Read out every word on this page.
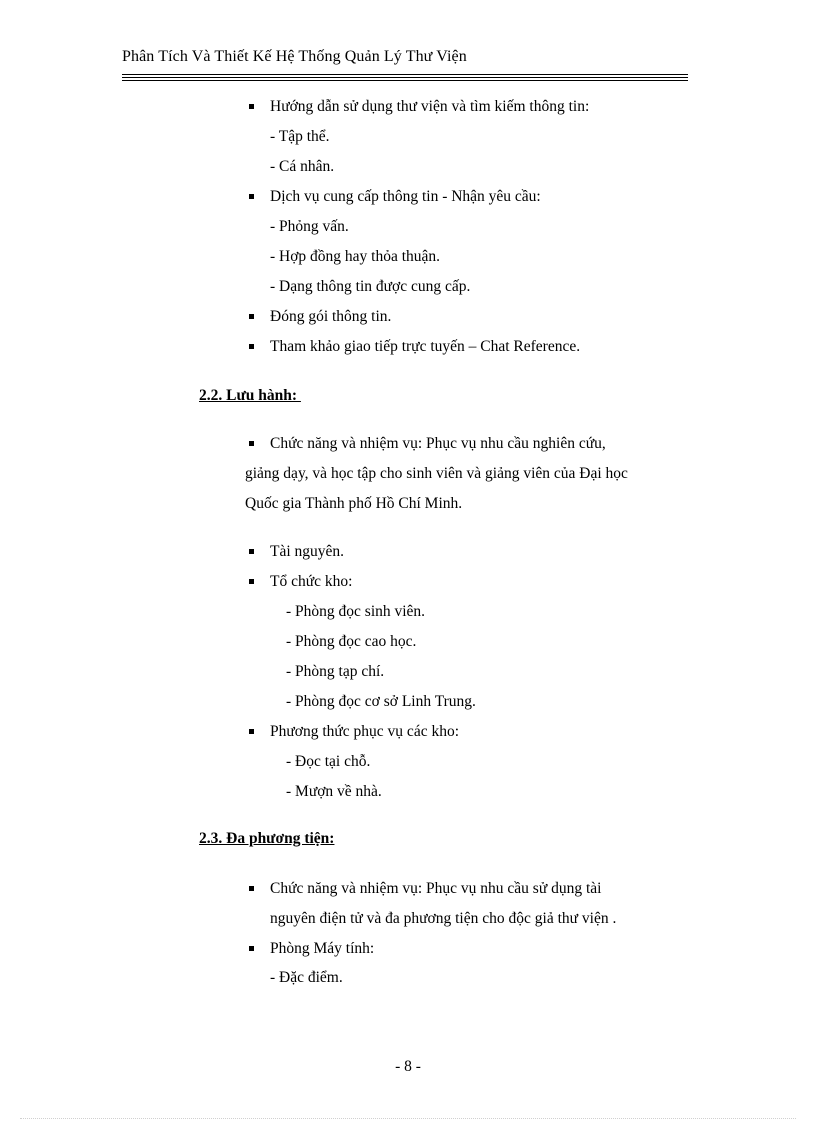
Phân Tích Và Thiết Kế Hệ Thống Quản Lý Thư Viện
Hướng dẫn sử dụng thư viện và tìm kiếm thông tin:
- Tập thể.
- Cá nhân.
Dịch vụ cung cấp thông tin - Nhận yêu cầu:
- Phỏng vấn.
- Hợp đồng hay thỏa thuận.
- Dạng thông tin được cung cấp.
Đóng gói thông tin.
Tham khảo giao tiếp trực tuyến – Chat Reference.
2.2. Lưu hành:
Chức năng và nhiệm vụ: Phục vụ nhu cầu nghiên cứu,
giảng dạy, và học tập cho sinh viên và giảng viên của Đại học
Quốc gia Thành phố Hồ Chí Minh.
Tài nguyên.
Tổ chức kho:
- Phòng đọc sinh viên.
- Phòng đọc cao học.
- Phòng tạp chí.
- Phòng đọc cơ sở Linh Trung.
Phương thức phục vụ các kho:
- Đọc tại chỗ.
- Mượn về nhà.
2.3. Đa phương tiện:
Chức năng và nhiệm vụ: Phục vụ nhu cầu sử dụng tài
nguyên điện tử và đa phương tiện cho độc giả thư viện .
Phòng Máy tính:
- Đặc điểm.
- 8 -
